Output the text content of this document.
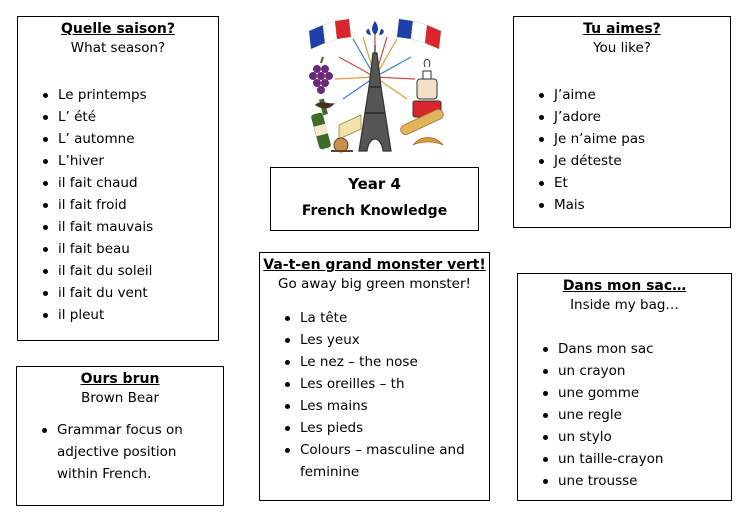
Quelle saison?
What season?
Le printemps
L’ été
L’ automne
L’hiver
il fait chaud
il fait froid
il fait mauvais
il fait beau
il fait du soleil
il fait du vent
il pleut
Ours brun
Brown Bear
Grammar focus on adjective position within French.
Year 4
French Knowledge
Va-t-en grand monster vert!
Go away big green monster!
La tête
Les yeux
Le nez – the nose
Les oreilles – th
Les mains
Les pieds
Colours – masculine and feminine
Tu aimes?
You like?
J’aime
J’adore
Je n’aime pas
Je déteste
Et
Mais
Dans mon sac…
Inside my bag…
Dans mon sac
un crayon
une gomme
une regle
un stylo
un taille-crayon
une trousse
